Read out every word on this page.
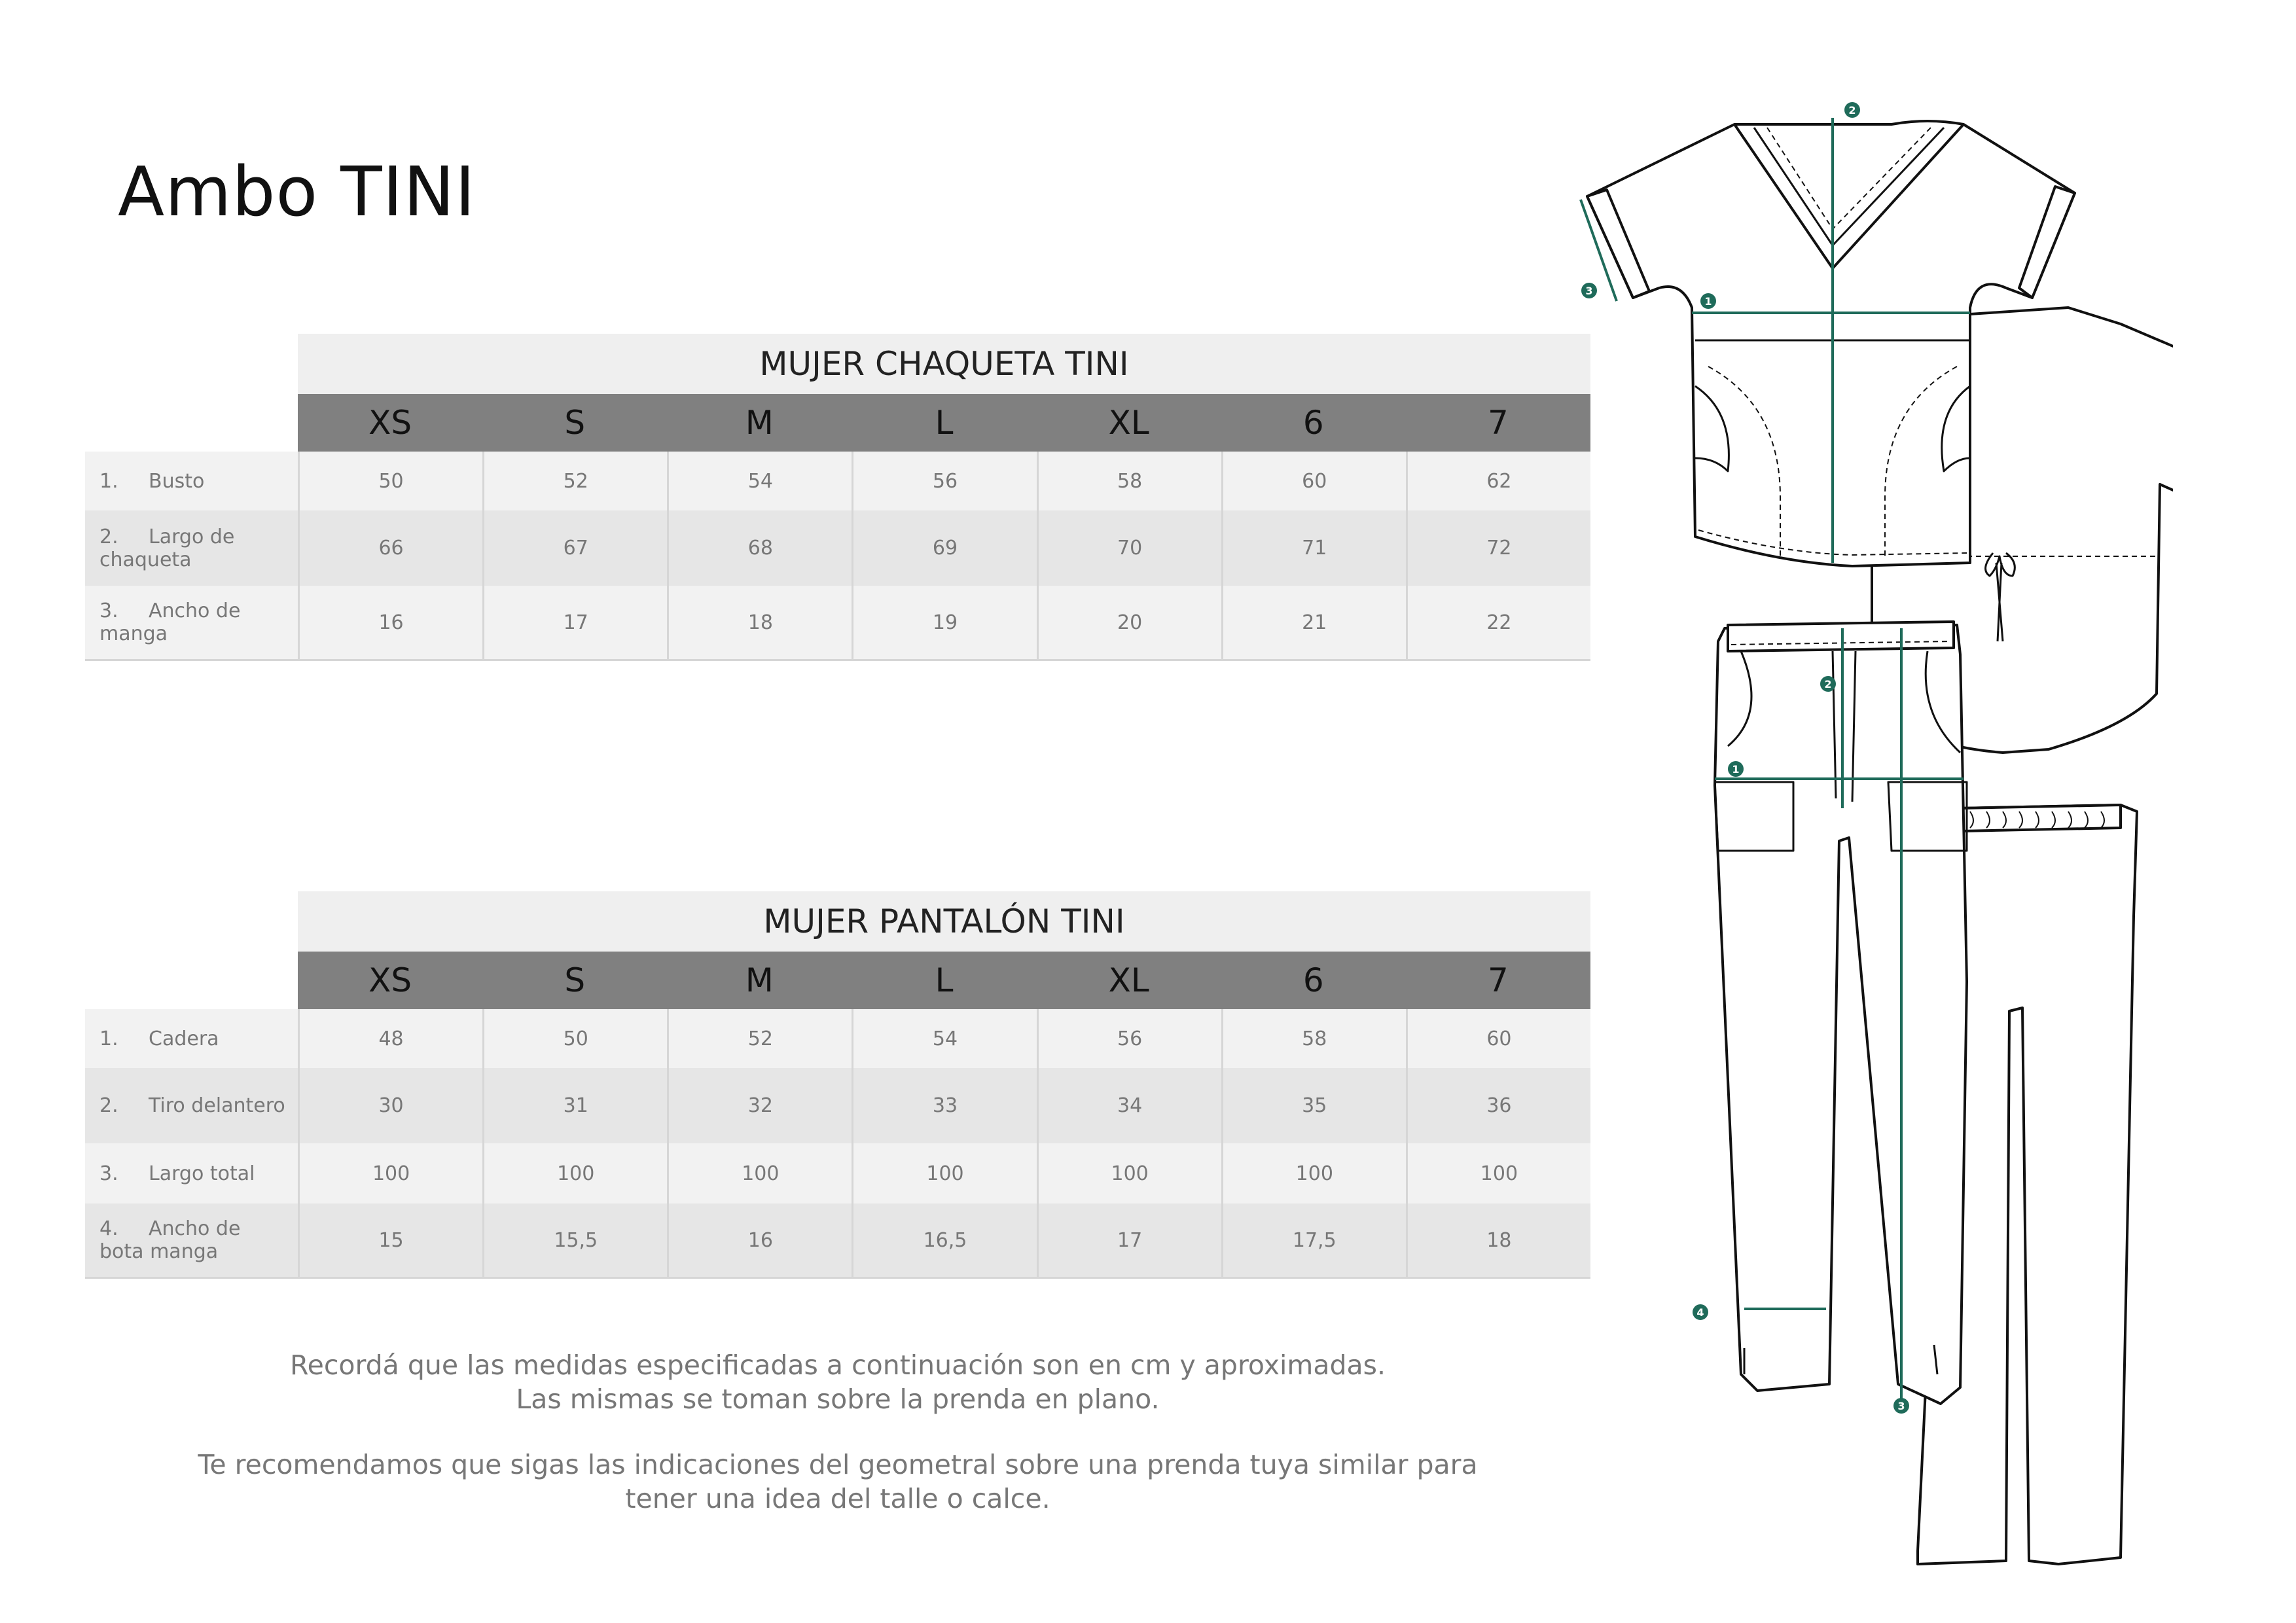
Ambo TINI
MUJER CHAQUETA TINI
XS	S	M	L	XL	6	7
1. Busto	50	52	54	56	58	60	62
2. Largo de chaqueta	66	67	68	69	70	71	72
3. Ancho de manga	16	17	18	19	20	21	22
MUJER PANTALÓN TINI
XS	S	M	L	XL	6	7
1. Cadera	48	50	52	54	56	58	60
2. Tiro delantero	30	31	32	33	34	35	36
3. Largo total	100	100	100	100	100	100	100
4. Ancho de bota manga	15	15,5	16	16,5	17	17,5	18
Recordá que las medidas especificadas a continuación son en cm y aproximadas.
Las mismas se toman sobre la prenda en plano.
Te recomendamos que sigas las indicaciones del geometral sobre una prenda tuya similar para
tener una idea del talle o calce.
1
2
3
1
2
3
4
